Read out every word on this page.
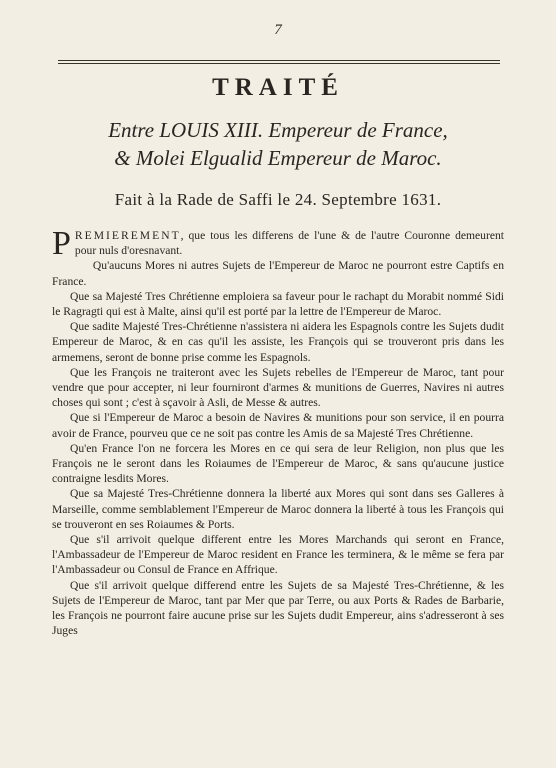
7
TRAITÉ
Entre LOUIS XIII. Empereur de France,
& Molei Elgualid Empereur de Maroc.
Fait à la Rade de Saffi le 24. Septembre 1631.

PREMIEREMENT, que tous les differens de l'une & de l'autre Couronne demeurent pour nuls d'oresnavant.

Qu'aucuns Mores ni autres Sujets de l'Empereur de Maroc ne pourront estre Captifs en France.

Que sa Majesté Tres Chrétienne emploiera sa faveur pour le rachapt du Morabit nommé Sidi le Ragragti qui est à Malte, ainsi qu'il est porté par la lettre de l'Empereur de Maroc.

Que sadite Majesté Tres-Chrétienne n'assistera ni aidera les Espagnols contre les Sujets dudit Empereur de Maroc, & en cas qu'il les assiste, les François qui se trouveront pris dans les armemens, seront de bonne prise comme les Espagnols.

Que les François ne traiteront avec les Sujets rebelles de l'Empereur de Maroc, tant pour vendre que pour accepter, ni leur fourniront d'armes & munitions de Guerres, Navires ni autres choses qui sont ; c'est à sçavoir à Asli, de Messe & autres.

Que si l'Empereur de Maroc a besoin de Navires & munitions pour son service, il en pourra avoir de France, pourveu que ce ne soit pas contre les Amis de sa Majesté Tres Chrétienne.

Qu'en France l'on ne forcera les Mores en ce qui sera de leur Religion, non plus que les François ne le seront dans les Roiaumes de l'Empereur de Maroc, & sans qu'aucune justice contraigne lesdits Mores.

Que sa Majesté Tres-Chrétienne donnera la liberté aux Mores qui sont dans ses Galleres à Marseille, comme semblablement l'Empereur de Maroc donnera la liberté à tous les François qui se trouveront en ses Roiaumes & Ports.

Que s'il arrivoit quelque different entre les Mores Marchands qui seront en France, l'Ambassadeur de l'Empereur de Maroc resident en France les terminera, & le même se fera par l'Ambassadeur ou Consul de France en Affrique.

Que s'il arrivoit quelque differend entre les Sujets de sa Majesté Tres-Chrétienne, & les Sujets de l'Empereur de Maroc, tant par Mer que par Terre, ou aux Ports & Rades de Barbarie, les François ne pourront faire aucune prise sur les Sujets dudit Empereur, ains s'adresseront à ses Juges
